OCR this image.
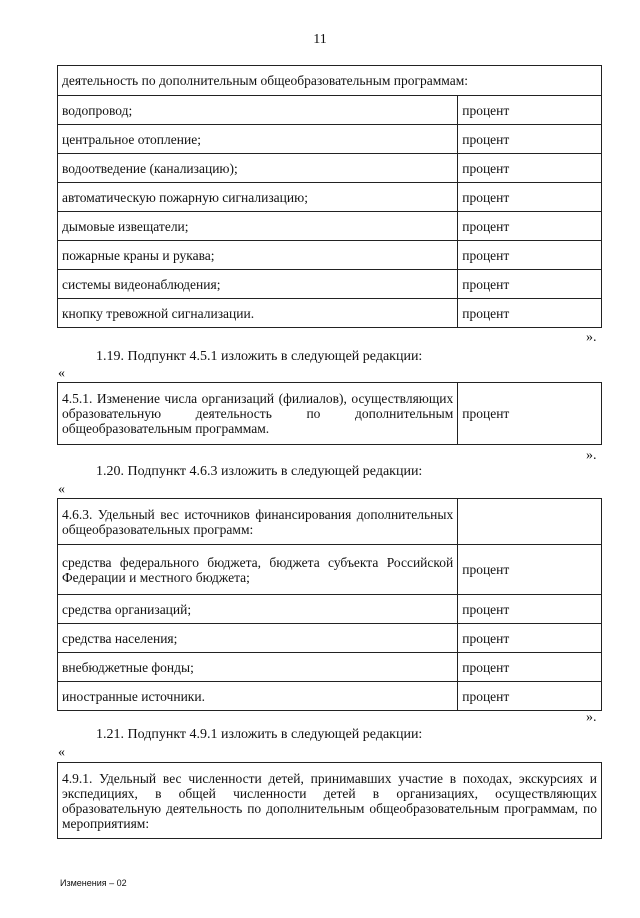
11
деятельность по дополнительным общеобразовательным программам:	
водопровод;	процент
центральное отопление;	процент
водоотведение (канализацию);	процент
автоматическую пожарную сигнализацию;	процент
дымовые извещатели;	процент
пожарные краны и рукава;	процент
системы видеонаблюдения;	процент
кнопку тревожной сигнализации.	процент
».
1.19. Подпункт 4.5.1 изложить в следующей редакции:
«
4.5.1. Изменение числа организаций (филиалов), осуществляющих образовательную деятельность по дополнительным общеобразовательным программам.	процент
».
1.20. Подпункт 4.6.3 изложить в следующей редакции:
«
4.6.3. Удельный вес источников финансирования дополнительных общеобразовательных программ:	
средства федерального бюджета, бюджета субъекта Российской Федерации и местного бюджета;	процент
средства организаций;	процент
средства населения;	процент
внебюджетные фонды;	процент
иностранные источники.	процент
».
1.21. Подпункт 4.9.1 изложить в следующей редакции:
«
4.9.1. Удельный вес численности детей, принимавших участие в походах, экскурсиях и экспедициях, в общей численности детей в организациях, осуществляющих образовательную деятельность по дополнительным общеобразовательным программам, по мероприятиям:
Изменения – 02
